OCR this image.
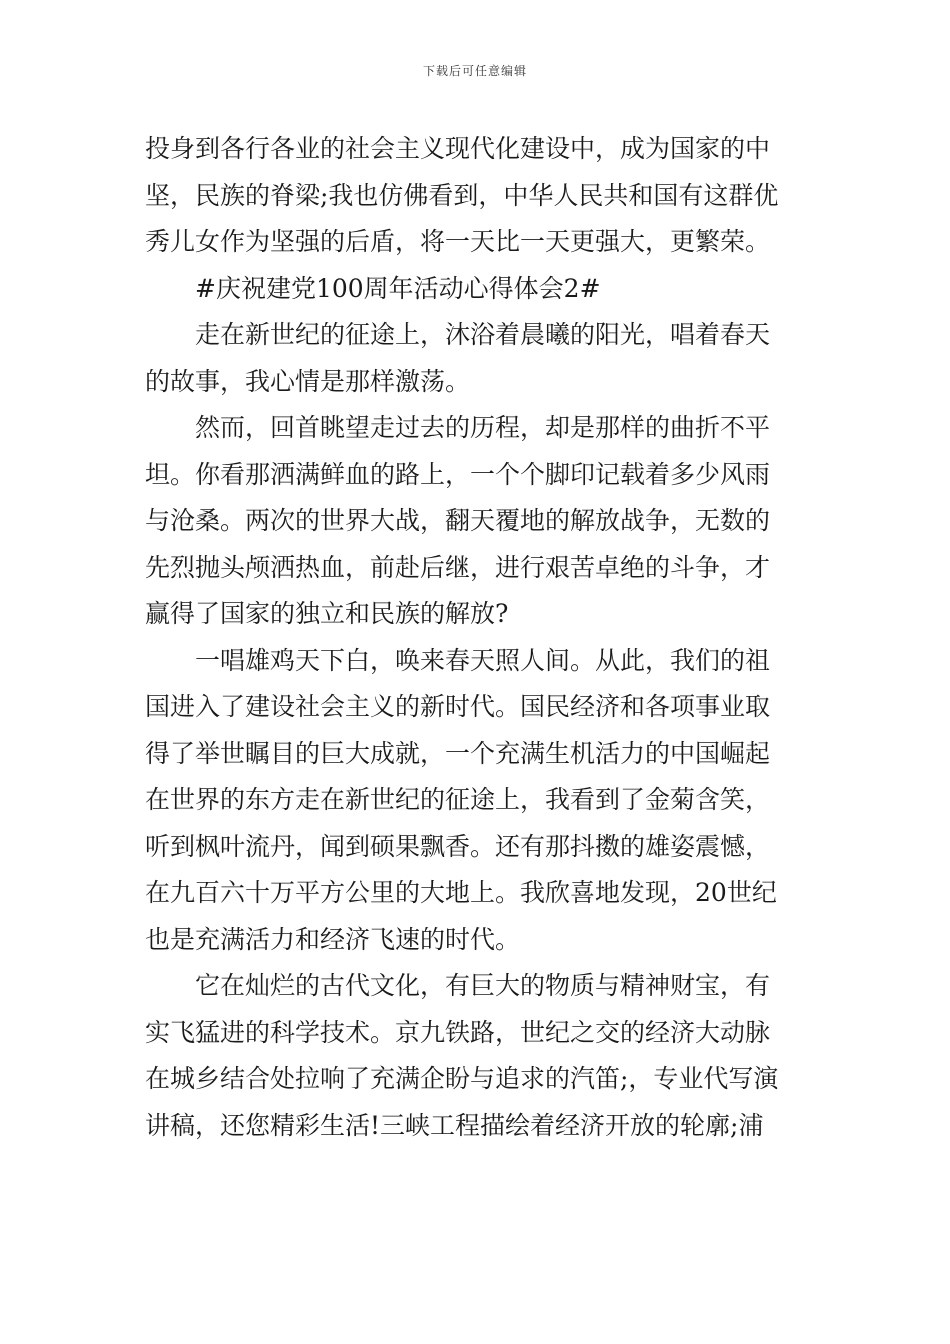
下载后可任意编辑
投身到各行各业的社会主义现代化建设中，成为国家的中
坚，民族的脊梁;我也仿佛看到，中华人民共和国有这群优
秀儿女作为坚强的后盾，将一天比一天更强大，更繁荣。
#庆祝建党100周年活动心得体会2#
走在新世纪的征途上，沐浴着晨曦的阳光，唱着春天
的故事，我心情是那样激荡。
然而，回首眺望走过去的历程，却是那样的曲折不平
坦。你看那洒满鲜血的路上，一个个脚印记载着多少风雨
与沧桑。两次的世界大战，翻天覆地的解放战争，无数的
先烈抛头颅洒热血，前赴后继，进行艰苦卓绝的斗争，才
赢得了国家的独立和民族的解放?
一唱雄鸡天下白，唤来春天照人间。从此，我们的祖
国进入了建设社会主义的新时代。国民经济和各项事业取
得了举世瞩目的巨大成就，一个充满生机活力的中国崛起
在世界的东方走在新世纪的征途上，我看到了金菊含笑，
听到枫叶流丹，闻到硕果飘香。还有那抖擞的雄姿震憾，
在九百六十万平方公里的大地上。我欣喜地发现，20世纪
也是充满活力和经济飞速的时代。
它在灿烂的古代文化，有巨大的物质与精神财宝，有
实飞猛进的科学技术。京九铁路，世纪之交的经济大动脉
在城乡结合处拉响了充满企盼与追求的汽笛;，专业代写演
讲稿，还您精彩生活!三峡工程描绘着经济开放的轮廓;浦
